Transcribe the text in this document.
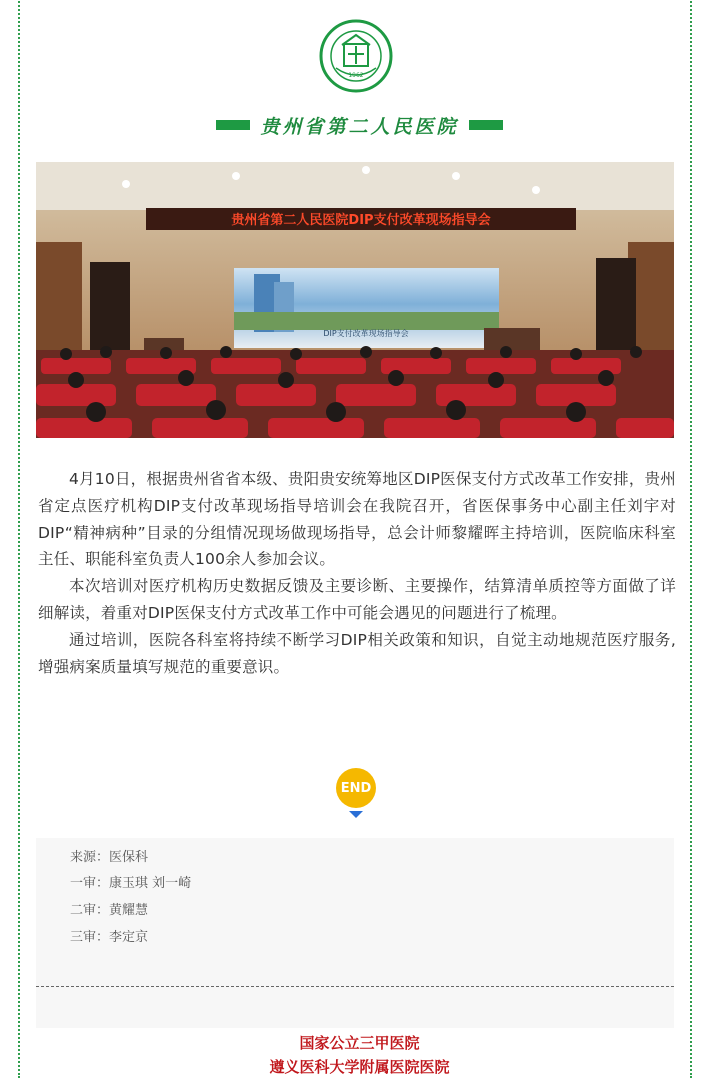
1962
贵州省第二人民医院
贵州省第二人民医院DIP支付改革现场指导会
DIP支付改革现场指导会

4月10日，根据贵州省省本级、贵阳贵安统筹地区DIP医保支付方式改革工作安排，贵州省定点医疗机构DIP支付改革现场指导培训会在我院召开，省医保事务中心副主任刘宇对DIP“精神病种”目录的分组情况现场做现场指导，总会计师黎耀晖主持培训，医院临床科室主任、职能科室负责人100余人参加会议。

本次培训对医疗机构历史数据反馈及主要诊断、主要操作，结算清单质控等方面做了详细解读，着重对DIP医保支付方式改革工作中可能会遇见的问题进行了梳理。

通过培训，医院各科室将持续不断学习DIP相关政策和知识，自觉主动地规范医疗服务,增强病案质量填写规范的重要意识。

END
来源：医保科
一审：康玉琪 刘一崎
二审：黄耀慧
三审：李定京
国家公立三甲医院
遵义医科大学附属医院医院
